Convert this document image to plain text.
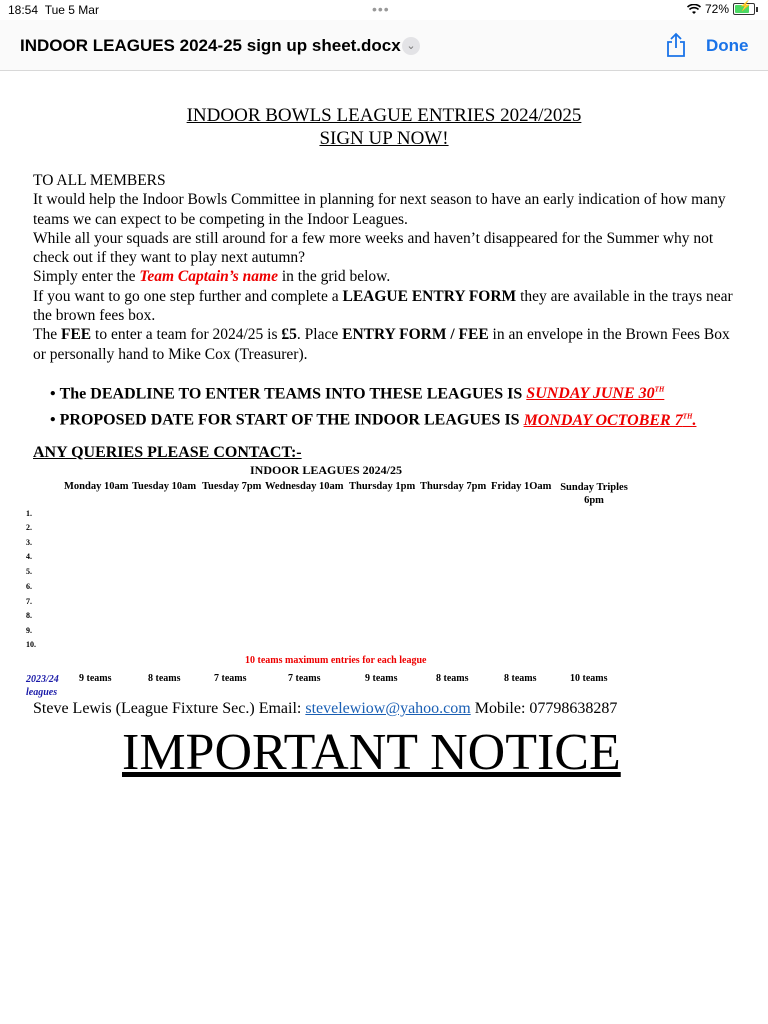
18:54 Tue 5 Mar	•••	72% ⚡
INDOOR LEAGUES 2024-25 sign up sheet.docx ⌄	Done
INDOOR BOWLS LEAGUE ENTRIES 2024/2025
SIGN UP NOW!
TO ALL MEMBERS
It would help the Indoor Bowls Committee in planning for next season to have an early indication of how many teams we can expect to be competing in the Indoor Leagues.
While all your squads are still around for a few more weeks and haven’t disappeared for the Summer why not check out if they want to play next autumn?
Simply enter the Team Captain’s name in the grid below.
If you want to go one step further and complete a LEAGUE ENTRY FORM they are available in the trays near the brown fees box.
The FEE to enter a team for 2024/25 is £5. Place ENTRY FORM / FEE in an envelope in the Brown Fees Box or personally hand to Mike Cox (Treasurer).
• The DEADLINE TO ENTER TEAMS INTO THESE LEAGUES IS SUNDAY JUNE 30TH
• PROPOSED DATE FOR START OF THE INDOOR LEAGUES IS MONDAY OCTOBER 7TH.
ANY QUERIES PLEASE CONTACT:-
INDOOR LEAGUES 2024/25
Monday 10am Tuesday 10am Tuesday 7pm Wednesday 10am Thursday 1pm Thursday 7pm Friday 1Oam Sunday Triples 6pm
1.
2.
3.
4.
5.
6.
7.
8.
9.
10.
10 teams maximum entries for each league
2023/24 leagues
9 teams	8 teams	7 teams	7 teams	9 teams	8 teams	8 teams	10 teams
Steve Lewis (League Fixture Sec.) Email: stevelewiow@yahoo.com Mobile: 07798638287
IMPORTANT NOTICE
